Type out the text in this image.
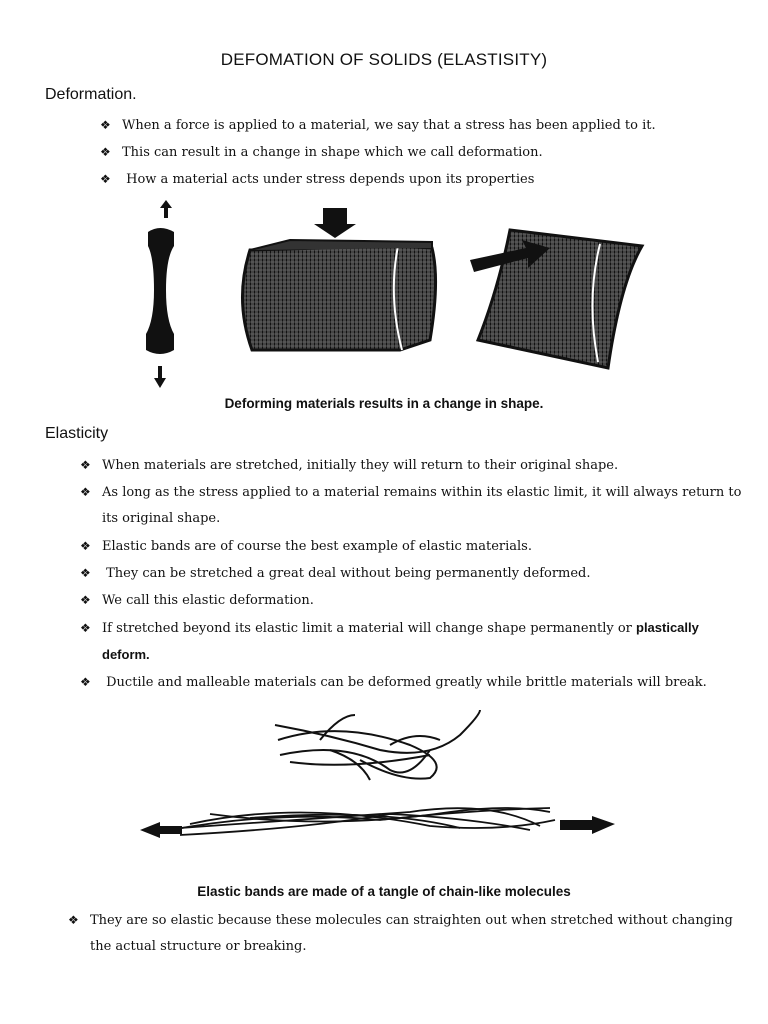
DEFOMATION OF SOLIDS (ELASTISITY)
Deformation.
❖ When a force is applied to a material, we say that a stress has been applied to it.
❖ This can result in a change in shape which we call deformation.
❖ How a material acts under stress depends upon its properties
Deforming materials results in a change in shape.
Elasticity
❖ When materials are stretched, initially they will return to their original shape.
❖ As long as the stress applied to a material remains within its elastic limit, it will always return to
its original shape.
❖ Elastic bands are of course the best example of elastic materials.
❖ They can be stretched a great deal without being permanently deformed.
❖ We call this elastic deformation.
❖ If stretched beyond its elastic limit a material will change shape permanently or plastically
deform.
❖ Ductile and malleable materials can be deformed greatly while brittle materials will break.
Elastic bands are made of a tangle of chain-like molecules
❖ They are so elastic because these molecules can straighten out when stretched without changing
the actual structure or breaking.
